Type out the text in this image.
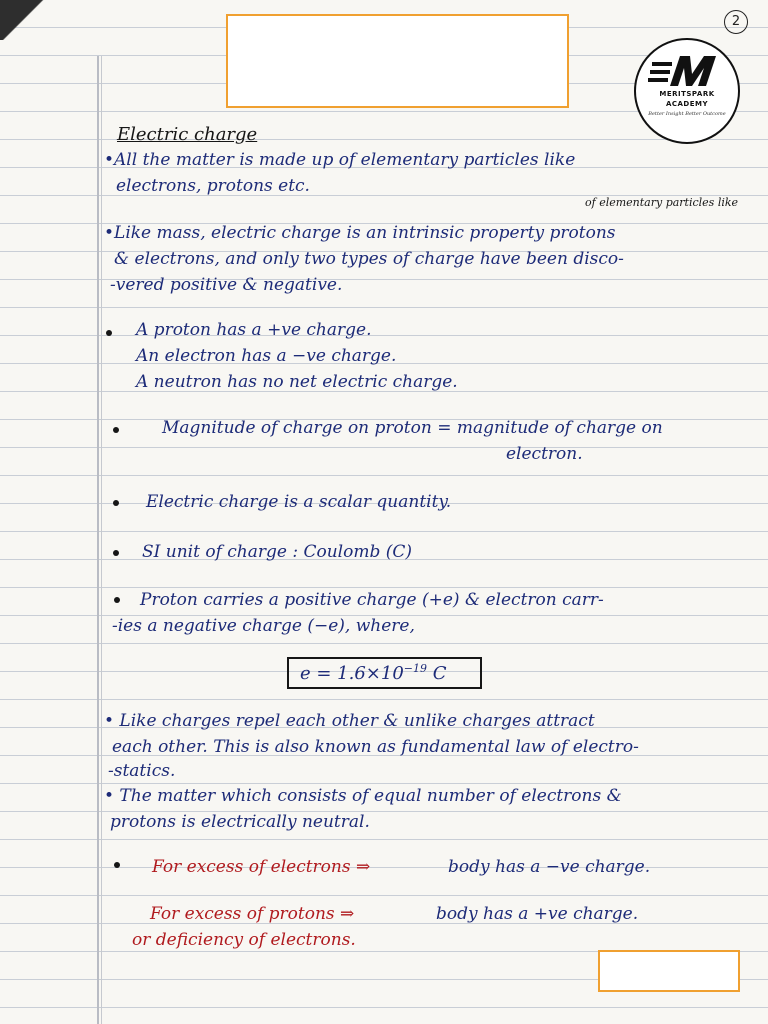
2
MERITSPARK
ACADEMY
Better Insight Better Outcome
Electric charge
•All the matter is made up of elementary particles like
electrons, protons etc.
of elementary particles like
•Like mass, electric charge is an intrinsic property protons
& electrons, and only two types of charge have been disco-
-vered positive & negative.
A proton has a +ve charge.
An electron has a −ve charge.
A neutron has no net electric charge.
Magnitude of charge on proton = magnitude of charge on
electron.
Electric charge is a scalar quantity.
SI unit of charge : Coulomb (C)
Proton carries a positive charge (+e) & electron carr-
-ies a negative charge (−e), where,
$e = 1.6\times 10^{-19}$ C
• Like charges repel each other & unlike charges attract
each other. This is also known as fundamental law of electro-
-statics.
• The matter which consists of equal number of electrons &
protons is electrically neutral.
For excess of electrons ⇒	body has a −ve charge.
For excess of protons ⇒	body has a +ve charge.
or deficiency of electrons.
